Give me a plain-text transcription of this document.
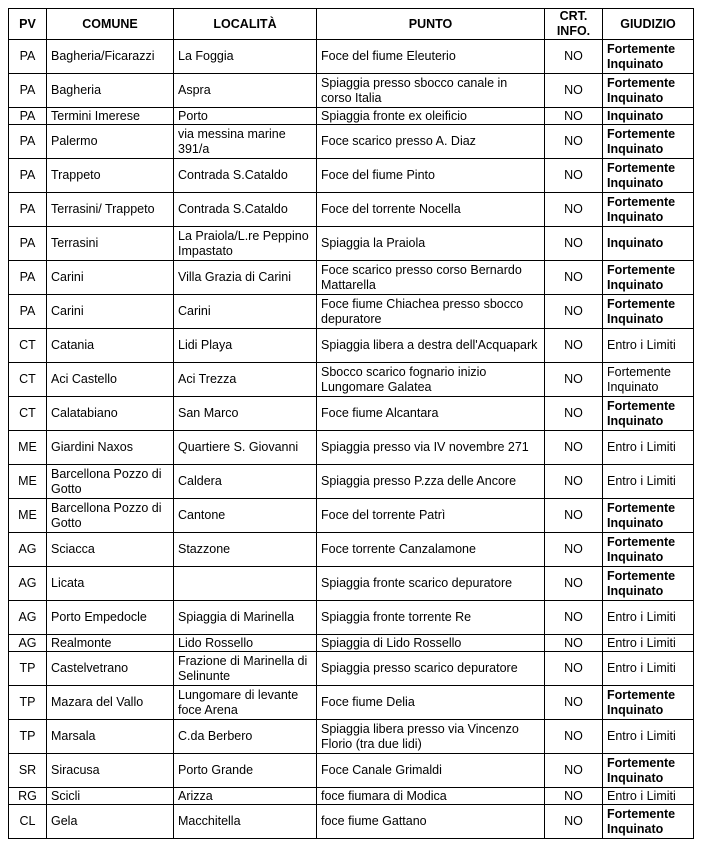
PV	COMUNE	LOCALITÀ	PUNTO	CRT. INFO.	GIUDIZIO
PA	Bagheria/Ficarazzi	La Foggia	Foce del fiume Eleuterio	NO	Fortemente Inquinato
PA	Bagheria	Aspra	Spiaggia presso sbocco canale in corso Italia	NO	Fortemente Inquinato
PA	Termini Imerese	Porto	Spiaggia fronte ex oleificio	NO	Inquinato
PA	Palermo	via messina marine 391/a	Foce scarico presso A. Diaz	NO	Fortemente Inquinato
PA	Trappeto	Contrada S.Cataldo	Foce del fiume Pinto	NO	Fortemente Inquinato
PA	Terrasini/ Trappeto	Contrada S.Cataldo	Foce del torrente Nocella	NO	Fortemente Inquinato
PA	Terrasini	La Praiola/L.re Peppino Impastato	Spiaggia la Praiola	NO	Inquinato
PA	Carini	Villa Grazia di Carini	Foce scarico presso corso Bernardo Mattarella	NO	Fortemente Inquinato
PA	Carini	Carini	Foce fiume Chiachea presso sbocco depuratore	NO	Fortemente Inquinato
CT	Catania	Lidi Playa	Spiaggia libera a destra dell'Acquapark	NO	Entro i Limiti
CT	Aci Castello	Aci Trezza	Sbocco scarico fognario inizio Lungomare Galatea	NO	Fortemente Inquinato
CT	Calatabiano	San Marco	Foce fiume Alcantara	NO	Fortemente Inquinato
ME	Giardini Naxos	Quartiere S. Giovanni	Spiaggia presso via IV novembre 271	NO	Entro i Limiti
ME	Barcellona Pozzo di Gotto	Caldera	Spiaggia presso P.zza delle Ancore	NO	Entro i Limiti
ME	Barcellona Pozzo di Gotto	Cantone	Foce del torrente Patrì	NO	Fortemente Inquinato
AG	Sciacca	Stazzone	Foce torrente Canzalamone	NO	Fortemente Inquinato
AG	Licata		Spiaggia fronte scarico depuratore	NO	Fortemente Inquinato
AG	Porto Empedocle	Spiaggia di Marinella	Spiaggia fronte torrente Re	NO	Entro i Limiti
AG	Realmonte	Lido Rossello	Spiaggia di Lido Rossello	NO	Entro i Limiti
TP	Castelvetrano	Frazione di Marinella di Selinunte	Spiaggia presso scarico depuratore	NO	Entro i Limiti
TP	Mazara del Vallo	Lungomare di levante foce Arena	Foce fiume Delia	NO	Fortemente Inquinato
TP	Marsala	C.da Berbero	Spiaggia libera presso via Vincenzo Florio (tra due lidi)	NO	Entro i Limiti
SR	Siracusa	Porto Grande	Foce Canale Grimaldi	NO	Fortemente Inquinato
RG	Scicli	Arizza	foce fiumara di Modica	NO	Entro i Limiti
CL	Gela	Macchitella	foce fiume Gattano	NO	Fortemente Inquinato
